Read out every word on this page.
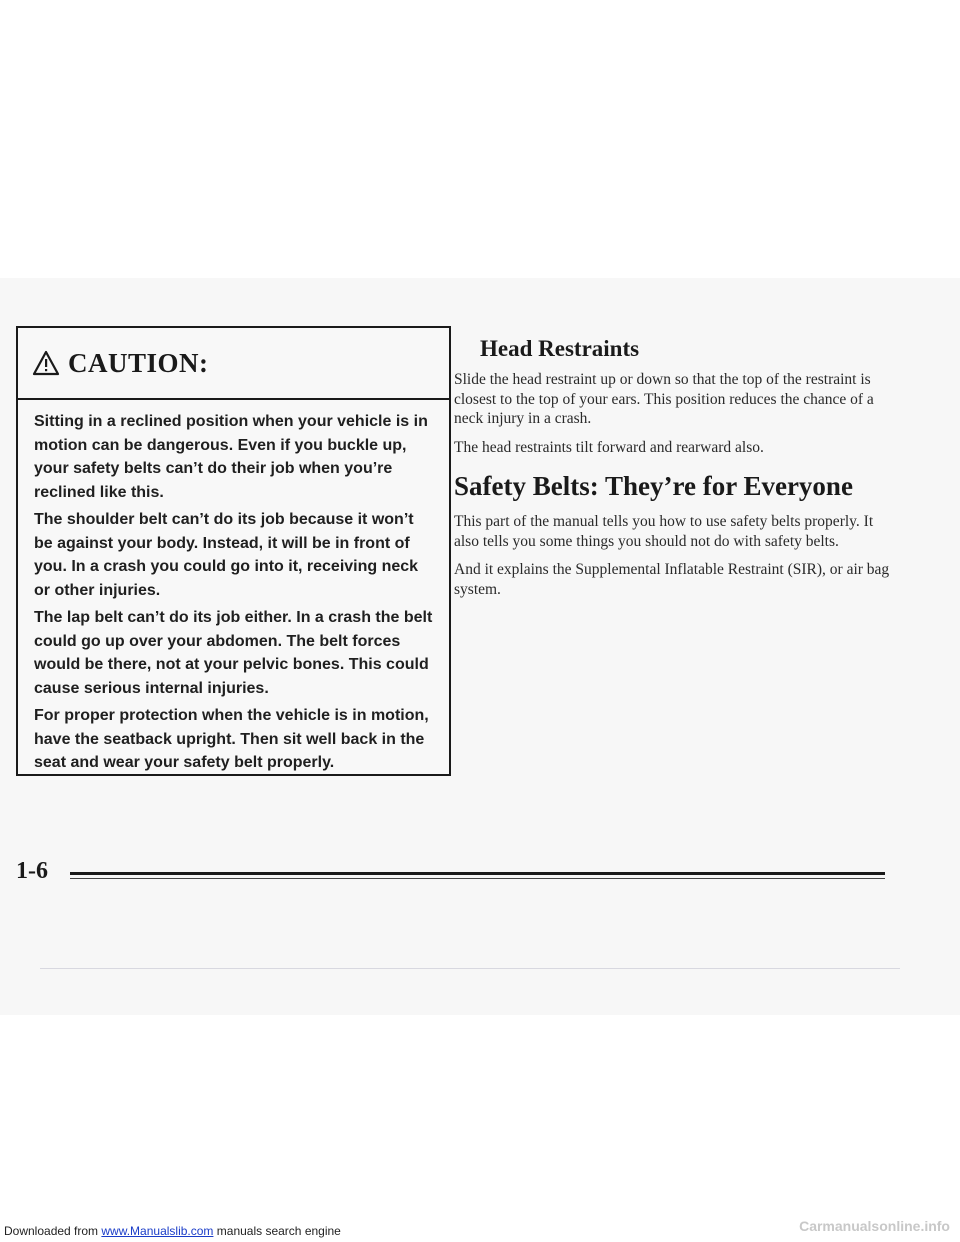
CAUTION:

Sitting in a reclined position when your vehicle is in motion can be dangerous. Even if you buckle up, your safety belts can’t do their job when you’re reclined like this.

The shoulder belt can’t do its job because it won’t be against your body. Instead, it will be in front of you. In a crash you could go into it, receiving neck or other injuries.

The lap belt can’t do its job either. In a crash the belt could go up over your abdomen. The belt forces would be there, not at your pelvic bones. This could cause serious internal injuries.

For proper protection when the vehicle is in motion, have the seatback upright. Then sit well back in the seat and wear your safety belt properly.

Head Restraints

Slide the head restraint up or down so that the top of the restraint is closest to the top of your ears. This position reduces the chance of a neck injury in a crash.

The head restraints tilt forward and rearward also.

Safety Belts: They’re for Everyone

This part of the manual tells you how to use safety belts properly. It also tells you some things you should not do with safety belts.

And it explains the Supplemental Inflatable Restraint (SIR), or air bag system.

1-6
Downloaded from www.Manualslib.com manuals search engine	Carmanualsonline.info
